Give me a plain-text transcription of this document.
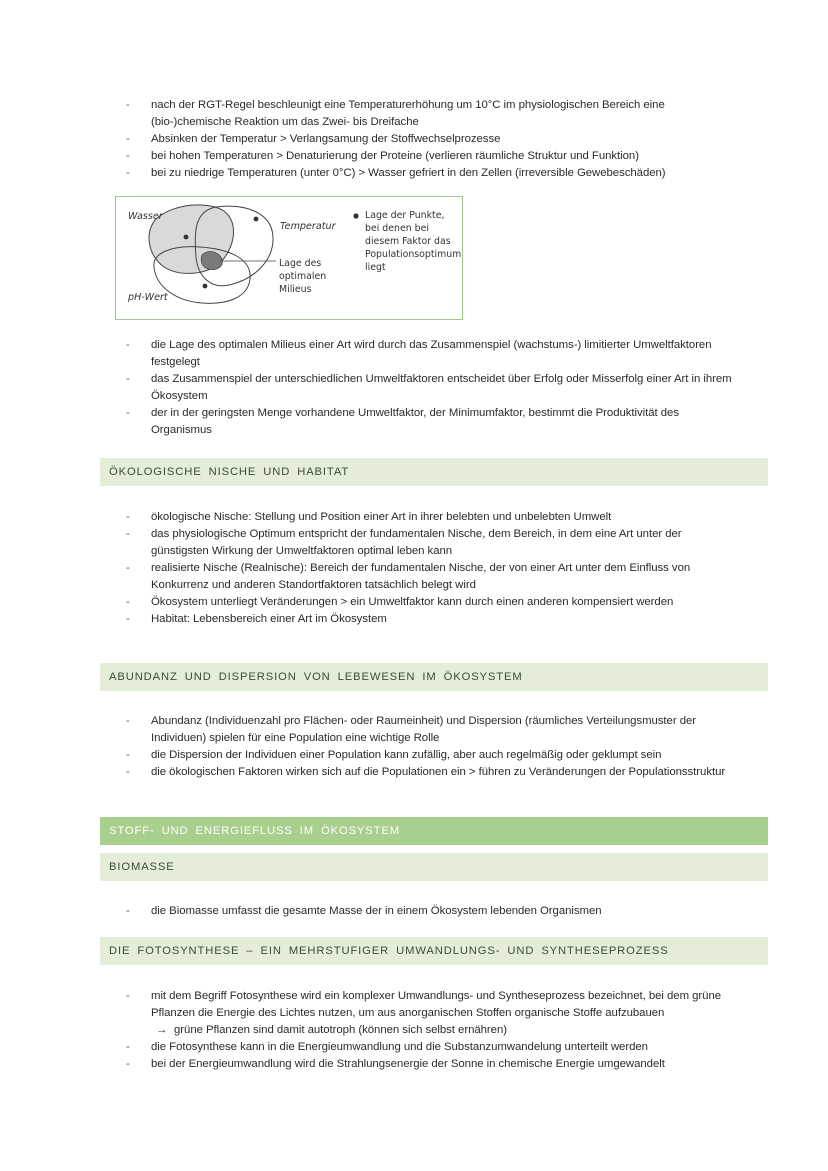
- nach der RGT-Regel beschleunigt eine Temperaturerhöhung um 10°C im physiologischen Bereich eine (bio-)chemische Reaktion um das Zwei- bis Dreifache
- Absinken der Temperatur > Verlangsamung der Stoffwechselprozesse
- bei hohen Temperaturen > Denaturierung der Proteine (verlieren räumliche Struktur und Funktion)
- bei zu niedrige Temperaturen (unter 0°C) > Wasser gefriert in den Zellen (irreversible Gewebeschäden)
Wasser
Temperatur
pH-Wert
Lage des
optimalen
Milieus
Lage der Punkte,
bei denen bei
diesem Faktor das
Populationsoptimum
liegt
- die Lage des optimalen Milieus einer Art wird durch das Zusammenspiel (wachstums-) limitierter Umweltfaktoren festgelegt
- das Zusammenspiel der unterschiedlichen Umweltfaktoren entscheidet über Erfolg oder Misserfolg einer Art in ihrem Ökosystem
- der in der geringsten Menge vorhandene Umweltfaktor, der Minimumfaktor, bestimmt die Produktivität des Organismus
ÖKOLOGISCHE NISCHE UND HABITAT
- ökologische Nische: Stellung und Position einer Art in ihrer belebten und unbelebten Umwelt
- das physiologische Optimum entspricht der fundamentalen Nische, dem Bereich, in dem eine Art unter der günstigsten Wirkung der Umweltfaktoren optimal leben kann
- realisierte Nische (Realnische): Bereich der fundamentalen Nische, der von einer Art unter dem Einfluss von Konkurrenz und anderen Standortfaktoren tatsächlich belegt wird
- Ökosystem unterliegt Veränderungen > ein Umweltfaktor kann durch einen anderen kompensiert werden
- Habitat: Lebensbereich einer Art im Ökosystem
ABUNDANZ UND DISPERSION VON LEBEWESEN IM ÖKOSYSTEM
- Abundanz (Individuenzahl pro Flächen- oder Raumeinheit) und Dispersion (räumliches Verteilungsmuster der Individuen) spielen für eine Population eine wichtige Rolle
- die Dispersion der Individuen einer Population kann zufällig, aber auch regelmäßig oder geklumpt sein
- die ökologischen Faktoren wirken sich auf die Populationen ein > führen zu Veränderungen der Populationsstruktur
STOFF- UND ENERGIEFLUSS IM ÖKOSYSTEM
BIOMASSE
- die Biomasse umfasst die gesamte Masse der in einem Ökosystem lebenden Organismen
DIE FOTOSYNTHESE – EIN MEHRSTUFIGER UMWANDLUNGS- UND SYNTHESEPROZESS
- mit dem Begriff Fotosynthese wird ein komplexer Umwandlungs- und Syntheseprozess bezeichnet, bei dem grüne Pflanzen die Energie des Lichtes nutzen, um aus anorganischen Stoffen organische Stoffe aufzubauen
→ grüne Pflanzen sind damit autotroph (können sich selbst ernähren)
- die Fotosynthese kann in die Energieumwandlung und die Substanzumwandelung unterteilt werden
- bei der Energieumwandlung wird die Strahlungsenergie der Sonne in chemische Energie umgewandelt
